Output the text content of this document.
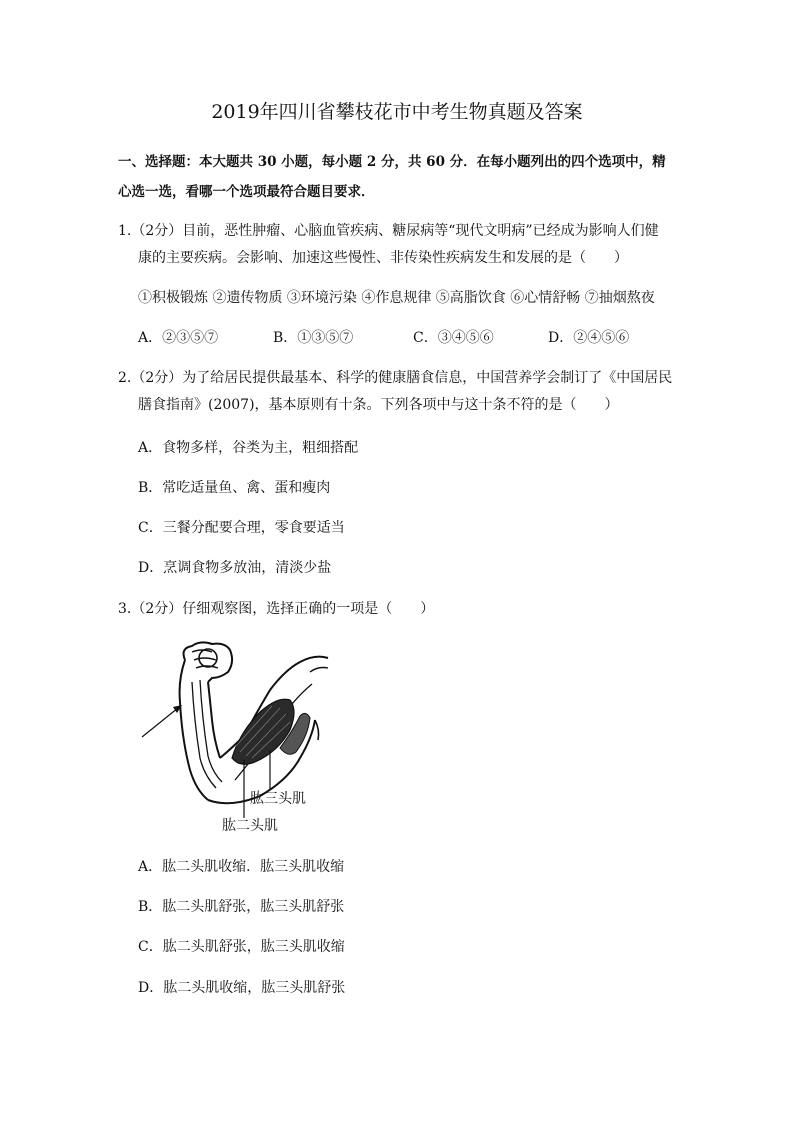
2019年四川省攀枝花市中考生物真题及答案
一、选择题：本大题共 30 小题，每小题 2 分，共 60 分．在每小题列出的四个选项中，精
心选一选，看哪一个选项最符合题目要求．
1.（2分）目前，恶性肿瘤、心脑血管疾病、糖尿病等“现代文明病”已经成为影响人们健
康的主要疾病。会影响、加速这些慢性、非传染性疾病发生和发展的是（　　）
①积极锻炼 ②遗传物质 ③环境污染 ④作息规律 ⑤高脂饮食 ⑥心情舒畅 ⑦抽烟熬夜
A．②③⑤⑦	B．①③⑤⑦	C．③④⑤⑥	D．②④⑤⑥
2.（2分）为了给居民提供最基本、科学的健康膳食信息，中国营养学会制订了《中国居民
膳食指南》(2007)，基本原则有十条。下列各项中与这十条不符的是（　　）
A．食物多样，谷类为主，粗细搭配
B．常吃适量鱼、禽、蛋和瘦肉
C．三餐分配要合理，零食要适当
D．烹调食物多放油，清淡少盐
3.（2分）仔细观察图，选择正确的一项是（　　）
肱三头肌
肱二头肌
A．肱二头肌收缩．肱三头肌收缩
B．肱二头肌舒张，肱三头肌舒张
C．肱二头肌舒张，肱三头肌收缩
D．肱二头肌收缩，肱三头肌舒张
